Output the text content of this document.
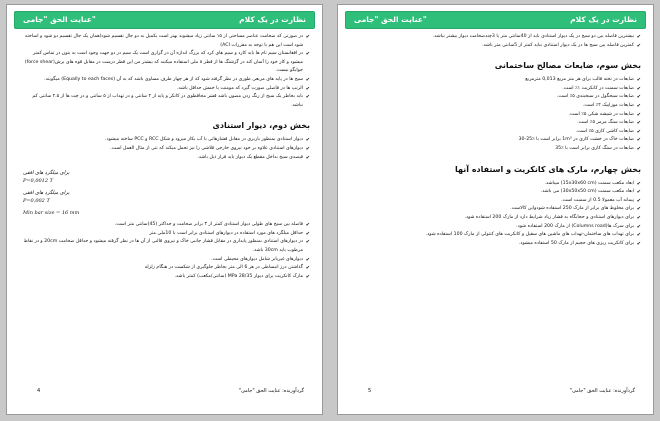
نظارت در یک کلام
عنایت الحق "جامی"
✔ در صورتی که ضخامت عناصر مساحتی از ۱۵ سانتی زیاد میشوند بهتر است یکمیل به دو جال تقسیم شود(همان یک جال تقسیم دو شود و اساخته شود است این هم با توجه به مقررات ACI)
✔ در افغانستان سیم نام ها باید کارد و سیم های کرد که بزرگ اندازه آن در گزاری است یک سیم در دو جهت وجود است به بتون در تماس کمتر میشود و کار خود را آسان کند در گزشتگ ها از قطر ۸ ملی استفاده میکنند که بیشتر من این قطر درست در مقابل قوه های برش(force shear) جوابگو نیست.
✔ سیخ ها در پایه های مربعی طوری در نظر گرفته شود که از هر چهار طرف مساوی باشد که به آن (Equally to each faces) میگویند.
✔ الرنپ ها در فاصلی صورت گیرد که مومنت یا خمش حداقل باشد.
✔ باید بخاطر یک سیخ از رنگ زدن مصون باشد قشر محافظوی در کانکر و پایه از ۴ سانتی و در تهداب از ۵ سانتی و در چت ها از ۲.۵ سانتی کم نباشد.
بخش دوم، دیوار استنادی
✔ دیوار استنادی بمنظور باربری در مقابل فشارهاتی با آب بکار میرود و شکل RCC و PCC ساخته میشود.
✔ دیوارهای استنادی علاوه بر خود نیروی خارجی فلاشی را نیز تحمل میکند که نتی از مثال العمل است.
✔ فیصدی سیخ بداخل مقطع یک دیوار باید قرار ذیل باشد.
برای میلگرد های افقی
P=0,0012 T
برای میلگرد های افقی
P=0,002 T
Min bar size = 16 mm
✔ فاصله بین سیخ های طولی دیوار استنادی کمتر از ۳ برابر ضخامت و حداکثر (45)سانتی متر است.
✔ حداقل میلگرد های مورد استفاده در دیوارهای استنادی برابر است با 10ملی متر
✔ در دیوارهای استنادی بمنظور پایداری در مقابل فشار جانبی خاک و نیروی قالبی از آن ها در نظر گرفته میشود و حداقل ضخامت 20cm و در نقاط مرطوب باید 30cm باشد.
✔ دیوارهای غیربابر شامل دیوارهای محیطی است.
✔ گذاشتن درز انبساطی در هر 6 الی متر بخاطر جلوگیری از شکست در هنگام زلزله
✔ مارک کانکریت برای دیوار 28/35 MPa (سانتی/مکعب) کمتر باشد.
4	گردآورنده: عنایت الحق "جامی"
نظارت در یک کلام
عنایت الحق "جامی"
✔ بیشترین فاصله بین دو سیخ در یک دیوار استنادی باید از 40سانتی متر یا 3چندضخامت دیوار بیشتر نباشد.
✔ کمترین فاصله بین سیخ ها در یک دیوار استنادی نباید کمتر از 5سانتی متر باشد.
بخش سوم، ضایعات مصالح ساختمانی
✔ ضایعات در تخته قالب برای هر متر مربع 0,013 مترمربع
✔ ضایعات سمنت در کانکریت ۱٪ است.
✔ ضایعات سیخگول در سیخبندی ۵٪ است.
✔ ضایعات موزاییک ۴٪ است.
✔ ضایعات در شیشه شکی ۵٪ است.
✔ ضایعات سنگ مرمر ۵٪ است.
✔ ضایعات کاشی کاری ۵٪ است.
✔ ضایعات خاک در خشت کاری در 1m³ برابر است با ٪25-30
✔ ضایعات در سنگ کاری برابر است با ٪35
بخش چهارم، مارک های کانکریت و استفاده آنها
✔ ابعاد مکعب سمنت (15x30x60 cm) میباشد.
✔ ابعاد مکعب سمنت (30x50x50 cm) می باشد.
✔ پیمانه آب معمولا 0.5 از سمنت است.
✔ برای مخلوط های برابر از مارک 250 استفاده شودواین کالاست.
✔ برای دیوارهای استنادی و حجابگاه به فشار زیاد شرایط دارد از مارک 200 استفاده شود.
✔ برای سرک ها(Columns road) از مارک 200 استفاده شود.
✔ برای تهداب های ساختمان-تهداب های ماشین های سقیل و کانکریت های کنتولی از مارک 100 استفاده شود.
✔ برای کانکریت ریزی های حجیم از مارک 50 استفاده میشود.
5	گردآورنده: عنایت الحق "جامی"
